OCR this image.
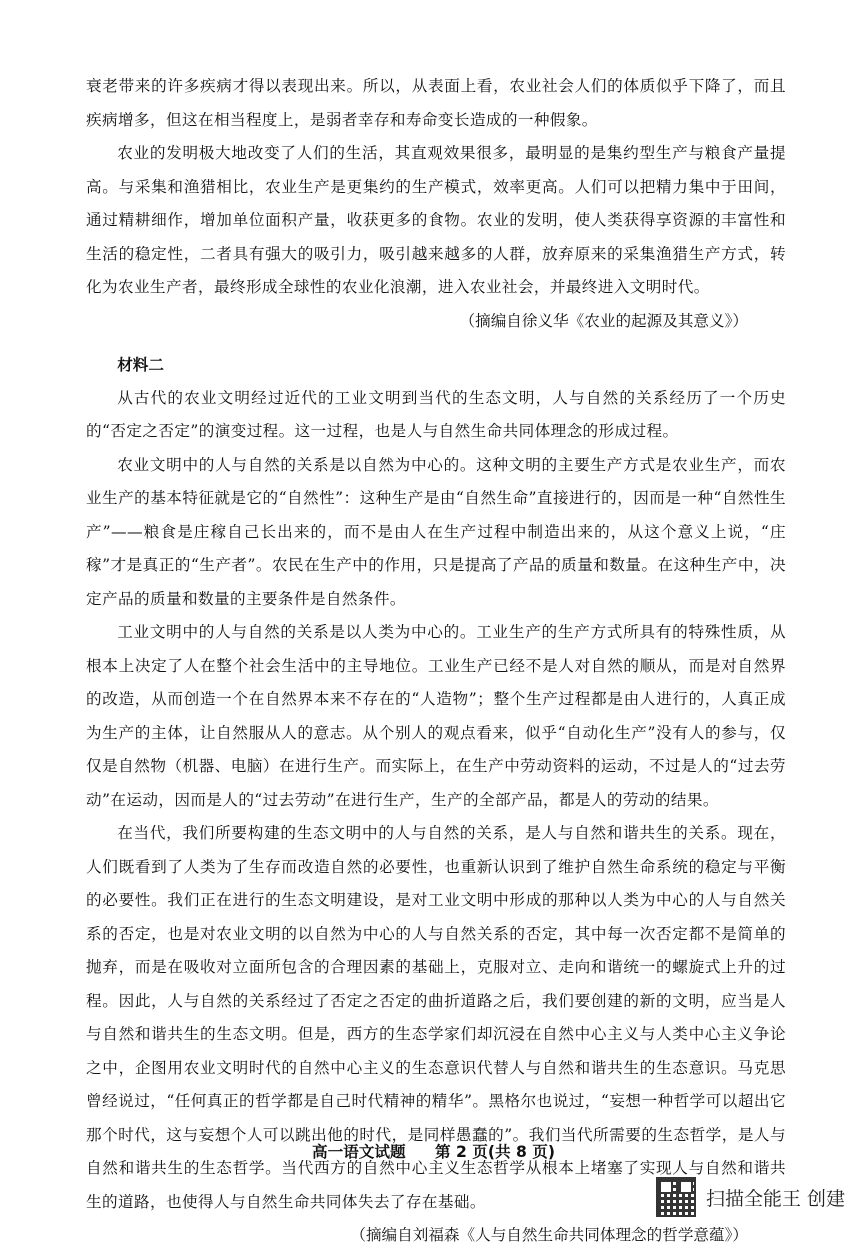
衰老带来的许多疾病才得以表现出来。所以，从表面上看，农业社会人们的体质似乎下降了，而且疾病增多，但这在相当程度上，是弱者幸存和寿命变长造成的一种假象。

农业的发明极大地改变了人们的生活，其直观效果很多，最明显的是集约型生产与粮食产量提高。与采集和渔猎相比，农业生产是更集约的生产模式，效率更高。人们可以把精力集中于田间，通过精耕细作，增加单位面积产量，收获更多的食物。农业的发明，使人类获得享资源的丰富性和生活的稳定性，二者具有强大的吸引力，吸引越来越多的人群，放弃原来的采集渔猎生产方式，转化为农业生产者，最终形成全球性的农业化浪潮，进入农业社会，并最终进入文明时代。

（摘编自徐义华《农业的起源及其意义》）

材料二

从古代的农业文明经过近代的工业文明到当代的生态文明，人与自然的关系经历了一个历史的“否定之否定”的演变过程。这一过程，也是人与自然生命共同体理念的形成过程。

农业文明中的人与自然的关系是以自然为中心的。这种文明的主要生产方式是农业生产，而农业生产的基本特征就是它的“自然性”：这种生产是由“自然生命”直接进行的，因而是一种“自然性生产”——粮食是庄稼自己长出来的，而不是由人在生产过程中制造出来的，从这个意义上说，“庄稼”才是真正的“生产者”。农民在生产中的作用，只是提高了产品的质量和数量。在这种生产中，决定产品的质量和数量的主要条件是自然条件。

工业文明中的人与自然的关系是以人类为中心的。工业生产的生产方式所具有的特殊性质，从根本上决定了人在整个社会生活中的主导地位。工业生产已经不是人对自然的顺从，而是对自然界的改造，从而创造一个在自然界本来不存在的“人造物”；整个生产过程都是由人进行的，人真正成为生产的主体，让自然服从人的意志。从个别人的观点看来，似乎“自动化生产”没有人的参与，仅仅是自然物（机器、电脑）在进行生产。而实际上，在生产中劳动资料的运动，不过是人的“过去劳动”在运动，因而是人的“过去劳动”在进行生产，生产的全部产品，都是人的劳动的结果。

在当代，我们所要构建的生态文明中的人与自然的关系，是人与自然和谐共生的关系。现在，人们既看到了人类为了生存而改造自然的必要性，也重新认识到了维护自然生命系统的稳定与平衡的必要性。我们正在进行的生态文明建设，是对工业文明中形成的那种以人类为中心的人与自然关系的否定，也是对农业文明的以自然为中心的人与自然关系的否定，其中每一次否定都不是简单的抛弃，而是在吸收对立面所包含的合理因素的基础上，克服对立、走向和谐统一的螺旋式上升的过程。因此，人与自然的关系经过了否定之否定的曲折道路之后，我们要创建的新的文明，应当是人与自然和谐共生的生态文明。但是，西方的生态学家们却沉浸在自然中心主义与人类中心主义争论之中，企图用农业文明时代的自然中心主义的生态意识代替人与自然和谐共生的生态意识。马克思曾经说过，“任何真正的哲学都是自己时代精神的精华”。黑格尔也说过，“妄想一种哲学可以超出它那个时代，这与妄想个人可以跳出他的时代，是同样愚蠢的”。我们当代所需要的生态哲学，是人与自然和谐共生的生态哲学。当代西方的自然中心主义生态哲学从根本上堵塞了实现人与自然和谐共生的道路，也使得人与自然生命共同体失去了存在基础。

（摘编自刘福森《人与自然生命共同体理念的哲学意蕴》）

高一语文试题 第 2 页(共 8 页)
扫描全能王 创建
